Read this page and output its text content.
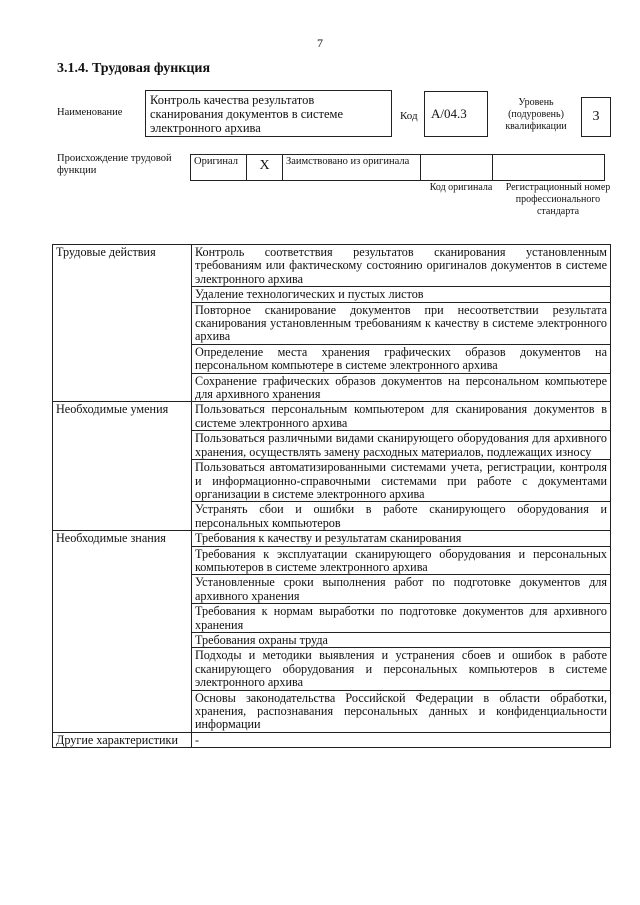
7
3.1.4. Трудовая функция
Наименование
Контроль качества результатов сканирования документов в системе электронного архива
Код	A/04.3
Уровень (подуровень) квалификации
3
Происхождение трудовой функции
Оригинал	X	Заимствовано из оригинала		
Код оригинала	Регистрационный номер профессионального стандарта
Трудовые действия	Контроль соответствия результатов сканирования установленным требованиям или фактическому состоянию оригиналов документов в системе электронного архива
	Удаление технологических и пустых листов
	Повторное сканирование документов при несоответствии результата сканирования установленным требованиям к качеству в системе электронного архива
	Определение места хранения графических образов документов на персональном компьютере в системе электронного архива
	Сохранение графических образов документов на персональном компьютере для архивного хранения
Необходимые умения	Пользоваться персональным компьютером для сканирования документов в системе электронного архива
	Пользоваться различными видами сканирующего оборудования для архивного хранения, осуществлять замену расходных материалов, подлежащих износу
	Пользоваться автоматизированными системами учета, регистрации, контроля и информационно-справочными системами при работе с документами организации в системе электронного архива
	Устранять сбои и ошибки в работе сканирующего оборудования и персональных компьютеров
Необходимые знания	Требования к качеству и результатам сканирования
	Требования к эксплуатации сканирующего оборудования и персональных компьютеров в системе электронного архива
	Установленные сроки выполнения работ по подготовке документов для архивного хранения
	Требования к нормам выработки по подготовке документов для архивного хранения
	Требования охраны труда
	Подходы и методики выявления и устранения сбоев и ошибок в работе сканирующего оборудования и персональных компьютеров в системе электронного архива
	Основы законодательства Российской Федерации в области обработки, хранения, распознавания персональных данных и конфиденциальности информации
Другие характеристики	-
